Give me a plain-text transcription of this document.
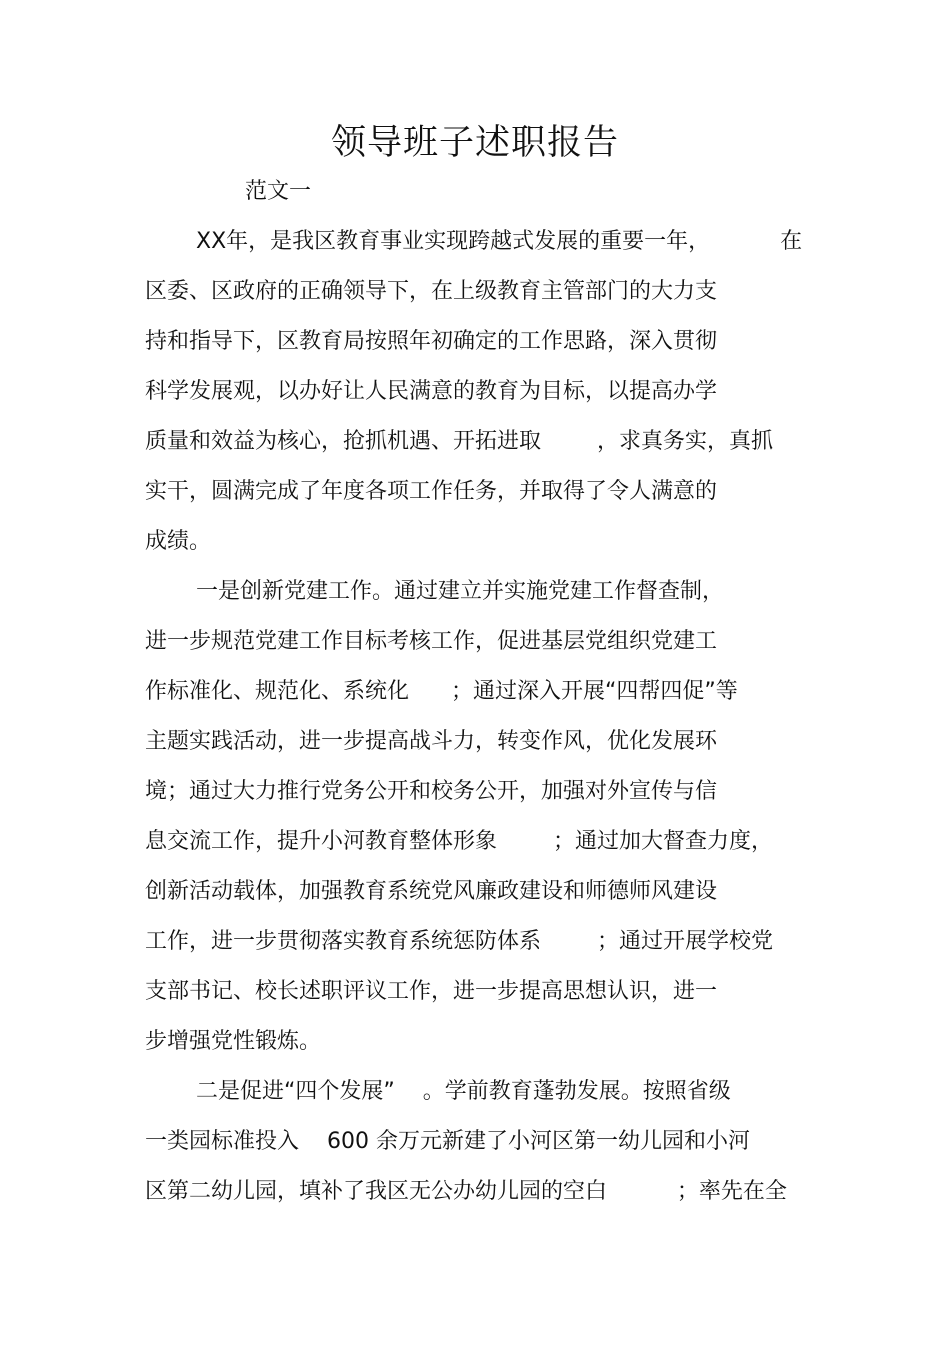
领导班子述职报告
范文一
XX年，是我区教育事业实现跨越式发展的重要一年，          在
区委、区政府的正确领导下，在上级教育主管部门的大力支
持和指导下，区教育局按照年初确定的工作思路，深入贯彻
科学发展观，以办好让人民满意的教育为目标，以提高办学
质量和效益为核心，抢抓机遇、开拓进取        ，求真务实，真抓
实干，圆满完成了年度各项工作任务，并取得了令人满意的
成绩。
一是创新党建工作。通过建立并实施党建工作督查制，
进一步规范党建工作目标考核工作，促进基层党组织党建工
作标准化、规范化、系统化      ；通过深入开展“四帮四促”等
主题实践活动，进一步提高战斗力，转变作风，优化发展环
境；通过大力推行党务公开和校务公开，加强对外宣传与信
息交流工作，提升小河教育整体形象        ；通过加大督查力度，
创新活动载体，加强教育系统党风廉政建设和师德师风建设
工作，进一步贯彻落实教育系统惩防体系        ；通过开展学校党
支部书记、校长述职评议工作，进一步提高思想认识，进一
步增强党性锻炼。
二是促进“四个发展”    。学前教育蓬勃发展。按照省级
一类园标准投入    600 余万元新建了小河区第一幼儿园和小河
区第二幼儿园，填补了我区无公办幼儿园的空白          ；率先在全
